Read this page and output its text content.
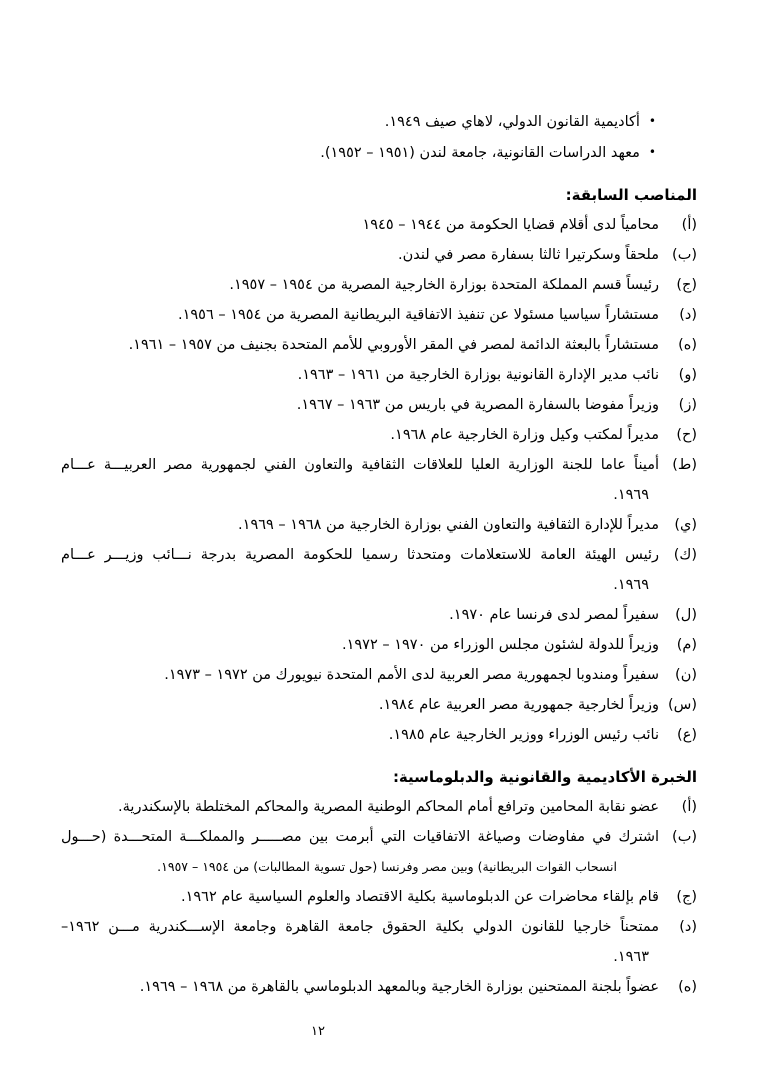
•أكاديمية القانون الدولي، لاهاي صيف ١٩٤٩.
•معهد الدراسات القانونية، جامعة لندن (١٩٥١ – ١٩٥٢).
المناصب السابقة:
(أ)محامياً لدى أقلام قضايا الحكومة من ١٩٤٤ – ١٩٤٥
(ب)ملحقاً وسكرتيرا ثالثا بسفارة مصر في لندن.
(ج)رئيساً قسم المملكة المتحدة بوزارة الخارجية المصرية من ١٩٥٤ – ١٩٥٧.
(د)مستشاراً سياسيا مسئولا عن تنفيذ الاتفاقية البريطانية المصرية من ١٩٥٤ – ١٩٥٦.
(ه)مستشاراً بالبعثة الدائمة لمصر في المقر الأوروبي للأمم المتحدة بجنيف من ١٩٥٧ – ١٩٦١.
(و)نائب مدير الإدارة القانونية بوزارة الخارجية من ١٩٦١ – ١٩٦٣.
(ز)وزيراً مفوضا بالسفارة المصرية في باريس من ١٩٦٣ – ١٩٦٧.
(ح)مديراً لمكتب وكيل وزارة الخارجية عام ١٩٦٨.
(ط)أميناً عاما للجنة الوزارية العليا للعلاقات الثقافية والتعاون الفني لجمهورية مصر العربيـــة عـــام
١٩٦٩.
(ي)مديراً للإدارة الثقافية والتعاون الفني بوزارة الخارجية من ١٩٦٨ – ١٩٦٩.
(ك)رئيس الهيئة العامة للاستعلامات ومتحدثا رسميا للحكومة المصرية بدرجة نـــائب وزيـــر عـــام
١٩٦٩.
(ل)سفيراً لمصر لدى فرنسا عام ١٩٧٠.
(م)وزيراً للدولة لشئون مجلس الوزراء من ١٩٧٠ – ١٩٧٢.
(ن)سفيراً ومندوبا لجمهورية مصر العربية لدى الأمم المتحدة نيويورك من ١٩٧٢ – ١٩٧٣.
(س)وزيراً لخارجية جمهورية مصر العربية عام ١٩٨٤.
(ع)نائب رئيس الوزراء ووزير الخارجية عام ١٩٨٥.
الخبرة الأكاديمية والقانونية والدبلوماسية:
(أ)عضو نقابة المحامين وترافع أمام المحاكم الوطنية المصرية والمحاكم المختلطة بالإسكندرية.
(ب)اشترك في مفاوضات وصياغة الاتفاقيات التي أبرمت بين مصـــــر والمملكـــة المتحـــدة (حـــول
انسحاب القوات البريطانية) وبين مصر وفرنسا (حول تسوية المطالبات) من ١٩٥٤ – ١٩٥٧.
(ج)قام بإلقاء محاضرات عن الدبلوماسية بكلية الاقتصاد والعلوم السياسية عام ١٩٦٢.
(د)ممتحناً خارجيا للقانون الدولي بكلية الحقوق جامعة القاهرة وجامعة الإســـكندرية مـــن ١٩٦٢–
١٩٦٣.
(ه)عضواً بلجنة الممتحنين بوزارة الخارجية وبالمعهد الدبلوماسي بالقاهرة من ١٩٦٨ – ١٩٦٩.
١٢
